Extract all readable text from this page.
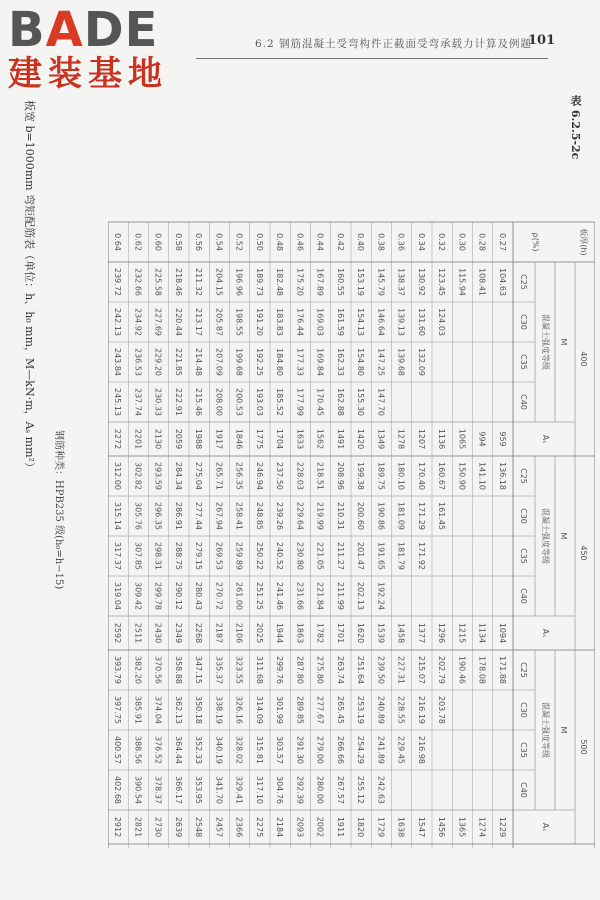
BADE
建装基地
6.2 钢筋混凝土受弯构件正截面受弯承载力计算及例题
101
板宽 b=1000mm 弯矩配筋表（单位：h、h₀ mm，M—kN·m，Aₛ mm²）
钢筋种类：HPB235 级(h₀=h−15)
表 6.2.5-2c
板厚(h)
ρ(%)
400
M
Aₛ
混凝土强度等级
C25
C30
C35
C40
450
M
Aₛ
混凝土强度等级
C25
C30
C35
C40
500
M
Aₛ
混凝土强度等级
C25
C30
C35
C40
0.27
104.63
959
136.18
1094
171.88
1229
0.28
108.41
994
141.10
1134
178.08
1274
0.30
115.94
1065
150.90
1215
190.46
1365
0.32
123.45
124.03
1136
160.67
161.45
1296
202.79
203.78
1456
0.34
130.92
131.60
132.09
1207
170.40
171.29
171.92
1377
215.07
216.19
216.98
1547
0.36
138.37
139.13
139.68
1278
180.10
181.09
181.79
1458
227.31
228.55
229.45
1638
0.38
145.79
146.64
147.25
147.70
1349
189.75
190.86
191.65
192.24
1539
239.50
240.89
241.89
242.63
1729
0.40
153.19
154.13
154.80
155.30
1420
199.38
200.60
201.47
202.13
1620
251.64
253.19
254.29
255.12
1820
0.42
160.55
161.59
162.33
162.88
1491
208.96
210.31
211.27
211.99
1701
263.74
265.45
266.66
267.57
1911
0.44
167.89
169.03
169.84
170.45
1562
218.51
219.99
221.05
221.84
1782
275.80
277.67
279.00
280.00
2002
0.46
175.20
176.44
177.33
177.99
1633
228.03
229.64
230.80
231.66
1863
287.80
289.85
291.30
292.39
2093
0.48
182.48
183.83
184.80
185.52
1704
237.50
239.26
240.52
241.46
1944
299.76
301.99
303.57
304.76
2184
0.50
189.73
191.20
192.25
193.03
1775
246.94
248.85
250.22
251.25
2025
311.68
314.09
315.81
317.10
2275
0.52
196.96
198.55
199.68
200.53
1846
256.35
258.41
259.89
261.00
2106
323.55
326.16
328.02
329.41
2366
0.54
204.15
205.87
207.09
208.00
1917
265.71
267.94
269.53
270.72
2187
335.37
338.19
340.19
341.70
2457
0.56
211.32
213.17
214.48
215.46
1988
275.04
277.44
279.15
280.43
2268
347.15
350.18
352.33
353.95
2548
0.58
218.46
220.44
221.85
222.91
2059
284.34
286.91
288.75
290.12
2349
358.88
362.13
364.44
366.17
2639
0.60
225.58
227.69
229.20
230.33
2130
293.59
296.35
298.31
299.78
2430
370.56
374.04
376.52
378.37
2730
0.62
232.66
234.92
236.53
237.74
2201
302.82
305.76
307.85
309.42
2511
382.20
385.91
388.56
390.54
2821
0.64
239.72
242.13
243.84
245.13
2272
312.00
315.14
317.37
319.04
2592
393.79
397.75
400.57
402.68
2912
